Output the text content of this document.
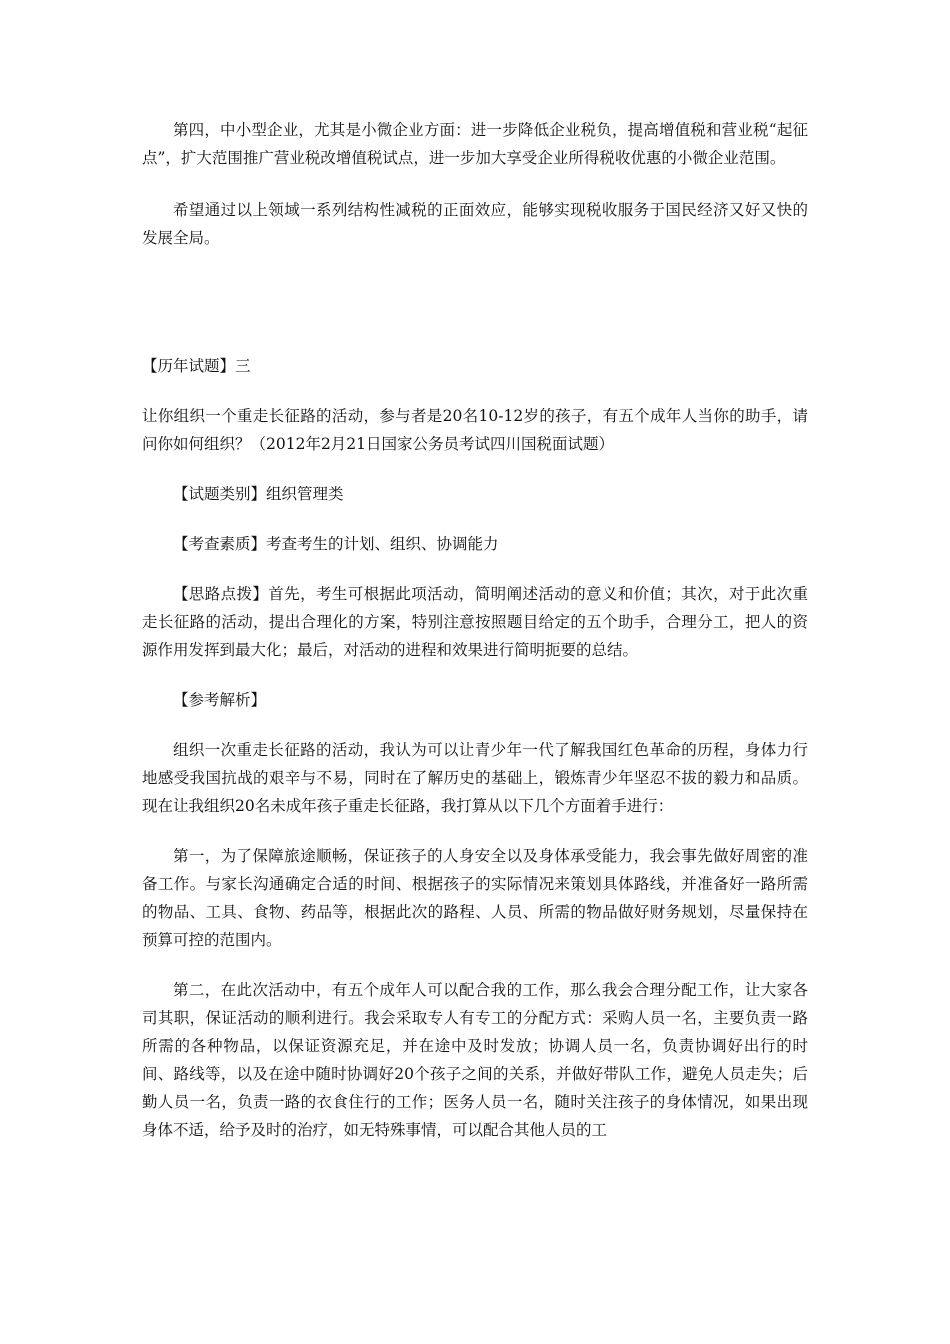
第四，中小型企业，尤其是小微企业方面：进一步降低企业税负，提高增值税和营业税“起征点”，扩大范围推广营业税改增值税试点，进一步加大享受企业所得税收优惠的小微企业范围。

希望通过以上领域一系列结构性减税的正面效应，能够实现税收服务于国民经济又好又快的发展全局。

【历年试题】三

让你组织一个重走长征路的活动，参与者是20名10-12岁的孩子，有五个成年人当你的助手，请问你如何组织？（2012年2月21日国家公务员考试四川国税面试题）

【试题类别】组织管理类

【考查素质】考查考生的计划、组织、协调能力

【思路点拨】首先，考生可根据此项活动，简明阐述活动的意义和价值；其次，对于此次重走长征路的活动，提出合理化的方案，特别注意按照题目给定的五个助手，合理分工，把人的资源作用发挥到最大化；最后，对活动的进程和效果进行简明扼要的总结。

【参考解析】

组织一次重走长征路的活动，我认为可以让青少年一代了解我国红色革命的历程，身体力行地感受我国抗战的艰辛与不易，同时在了解历史的基础上，锻炼青少年坚忍不拔的毅力和品质。现在让我组织20名未成年孩子重走长征路，我打算从以下几个方面着手进行：

第一，为了保障旅途顺畅，保证孩子的人身安全以及身体承受能力，我会事先做好周密的准备工作。与家长沟通确定合适的时间、根据孩子的实际情况来策划具体路线，并准备好一路所需的物品、工具、食物、药品等，根据此次的路程、人员、所需的物品做好财务规划，尽量保持在预算可控的范围内。

第二，在此次活动中，有五个成年人可以配合我的工作，那么我会合理分配工作，让大家各司其职，保证活动的顺利进行。我会采取专人有专工的分配方式：采购人员一名，主要负责一路所需的各种物品，以保证资源充足，并在途中及时发放；协调人员一名，负责协调好出行的时间、路线等，以及在途中随时协调好20个孩子之间的关系，并做好带队工作，避免人员走失；后勤人员一名，负责一路的衣食住行的工作；医务人员一名，随时关注孩子的身体情况，如果出现身体不适，给予及时的治疗，如无特殊事情，可以配合其他人员的工
